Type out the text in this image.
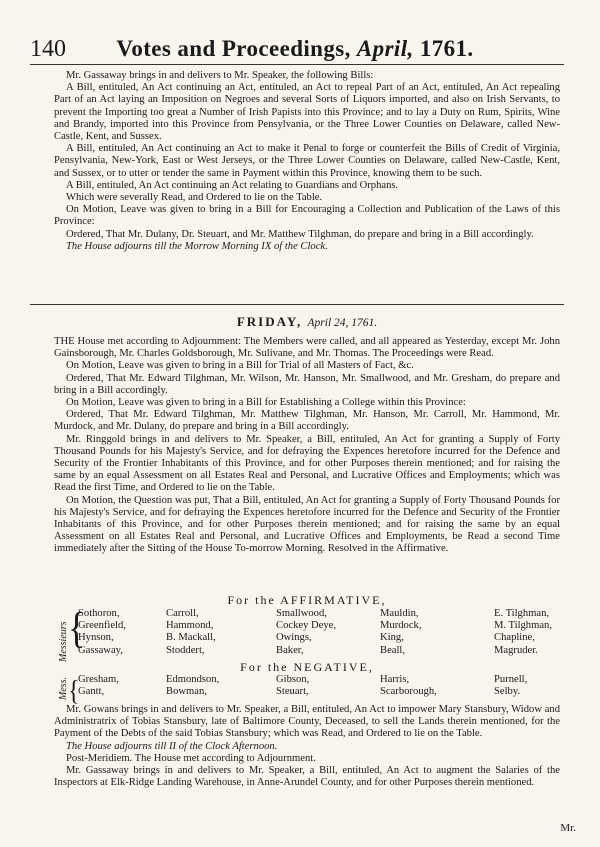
140	Votes and Proceedings, April, 1761.

Mr. Gassaway brings in and delivers to Mr. Speaker, the following Bills:

A Bill, entituled, An Act continuing an Act, entituled, an Act to repeal Part of an Act, entituled, An Act repealing Part of an Act laying an Imposition on Negroes and several Sorts of Liquors imported, and also on Irish Servants, to prevent the Importing too great a Number of Irish Papists into this Province; and to lay a Duty on Rum, Spirits, Wine and Brandy, imported into this Province from Pensylvania, or the Three Lower Counties on Delaware, called New-Castle, Kent, and Sussex.

A Bill, entituled, An Act continuing an Act to make it Penal to forge or counterfeit the Bills of Credit of Virginia, Pensylvania, New-York, East or West Jerseys, or the Three Lower Counties on Delaware, called New-Castle, Kent, and Sussex, or to utter or tender the same in Payment within this Province, knowing them to be such.

A Bill, entituled, An Act continuing an Act relating to Guardians and Orphans.

Which were severally Read, and Ordered to lie on the Table.

On Motion, Leave was given to bring in a Bill for Encouraging a Collection and Publication of the Laws of this Province:

Ordered, That Mr. Dulany, Dr. Steuart, and Mr. Matthew Tilghman, do prepare and bring in a Bill accordingly.

The House adjourns till the Morrow Morning IX of the Clock.

FRIDAY, April 24, 1761.

THE House met according to Adjournment: The Members were called, and all appeared as Yesterday, except Mr. John Gainsborough, Mr. Charles Goldsborough, Mr. Sulivane, and Mr. Thomas. The Proceedings were Read.

On Motion, Leave was given to bring in a Bill for Trial of all Masters of Fact, &c.

Ordered, That Mr. Edward Tilghman, Mr. Wilson, Mr. Hanson, Mr. Smallwood, and Mr. Gresham, do prepare and bring in a Bill accordingly.

On Motion, Leave was given to bring in a Bill for Establishing a College within this Province:

Ordered, That Mr. Edward Tilghman, Mr. Matthew Tilghman, Mr. Hanson, Mr. Carroll, Mr. Hammond, Mr. Murdock, and Mr. Dulany, do prepare and bring in a Bill accordingly.

Mr. Ringgold brings in and delivers to Mr. Speaker, a Bill, entituled, An Act for granting a Supply of Forty Thousand Pounds for his Majesty's Service, and for defraying the Expences heretofore incurred for the Defence and Security of the Frontier Inhabitants of this Province, and for other Purposes therein mentioned; and for raising the same by an equal Assessment on all Estates Real and Personal, and Lucrative Offices and Employments; which was Read the first Time, and Ordered to lie on the Table.

On Motion, the Question was put, That a Bill, entituled, An Act for granting a Supply of Forty Thousand Pounds for his Majesty's Service, and for defraying the Expences heretofore incurred for the Defence and Security of the Frontier Inhabitants of this Province, and for other Purposes therein mentioned; and for raising the same by an equal Assessment on all Estates Real and Personal, and Lucrative Offices and Employments, be Read a second Time immediately after the Sitting of the House To-morrow Morning. Resolved in the Affirmative.

For the AFFIRMATIVE,
Messieurs {
Sothoron,	Carroll,	Smallwood,	Mauldin,	E. Tilghman,
Greenfield,	Hammond,	Cockey Deye,	Murdock,	M. Tilghman,
Hynson,	B. Mackall,	Owings,	King,	Chapline,
Gassaway,	Stoddert,	Baker,	Beall,	Magruder.
For the NEGATIVE,
Mess. {
Gresham,	Edmondson,	Gibson,	Harris,	Purnell,
Gantt,	Bowman,	Steuart,	Scarborough,	Selby.

Mr. Gowans brings in and delivers to Mr. Speaker, a Bill, entituled, An Act to impower Mary Stansbury, Widow and Administratrix of Tobias Stansbury, late of Baltimore County, Deceased, to sell the Lands therein mentioned, for the Payment of the Debts of the said Tobias Stansbury; which was Read, and Ordered to lie on the Table.

The House adjourns till II of the Clock Afternoon.

Post-Meridiem. The House met according to Adjournment.

Mr. Gassaway brings in and delivers to Mr. Speaker, a Bill, entituled, An Act to augment the Salaries of the Inspectors at Elk-Ridge Landing Warehouse, in Anne-Arundel County, and for other Purposes therein mentioned.

Mr.
